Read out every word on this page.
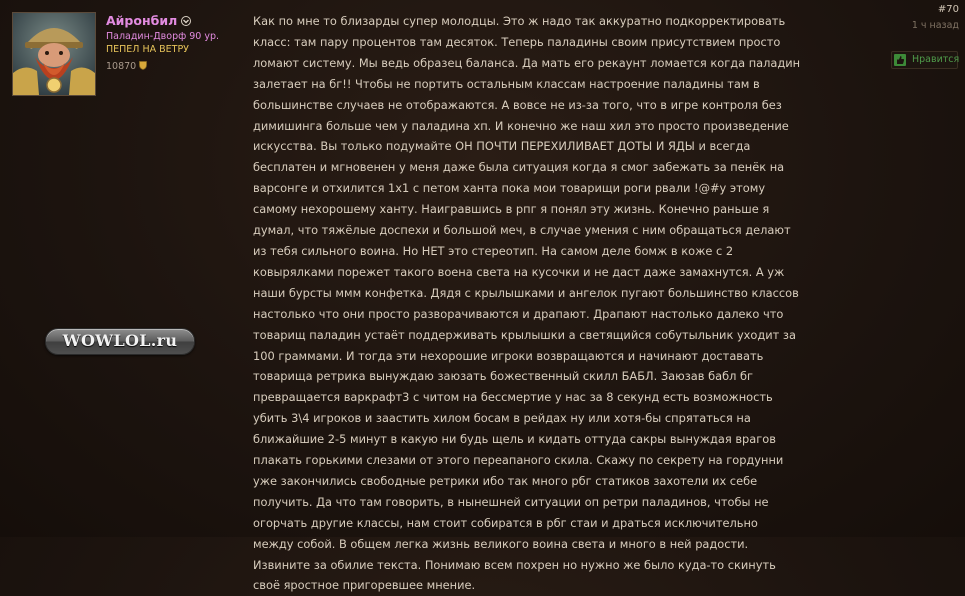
Айронбил
Паладин-Дворф 90 ур.
ПЕПЕЛ НА ВЕТРУ
10870
WOWLOL.ru

Как по мне то близарды супер молодцы. Это ж надо так аккуратно подкорректировать класс: там пару процентов там десяток. Теперь паладины своим присутствием просто ломают систему. Мы ведь образец баланса. Да мать его рекаунт ломается когда паладин залетает на бг!! Чтобы не портить остальным классам настроение паладины там в большинстве случаев не отображаются. А вовсе не из-за того, что в игре контроля без димишинга больше чем у паладина хп. И конечно же наш хил это просто произведение искусства. Вы только подумайте ОН ПОЧТИ ПЕРЕХИЛИВАЕТ ДОТЫ И ЯДЫ и всегда бесплатен и мгновенен у меня даже была ситуация когда я смог забежать за пенёк на варсонге и отхилится 1x1 с петом ханта пока мои товарищи роги рвали !@#у этому самому нехорошему ханту. Наигравшись в рпг я понял эту жизнь. Конечно раньше я думал, что тяжёлые доспехи и большой меч, в случае умения с ним обращаться делают из тебя сильного воина. Но НЕТ это стереотип. На самом деле бомж в коже с 2 ковырялками порежет такого воена света на кусочки и не даст даже замахнутся. А уж наши бурсты ммм конфетка. Дядя с крылышками и ангелок пугают большинство классов настолько что они просто разворачиваются и драпают. Драпают настолько далеко что товарищ паладин устаёт поддерживать крылышки а светящийся собутыльник уходит за 100 граммами. И тогда эти нехорошие игроки возвращаются и начинают доставать товарища ретрика вынуждаю заюзать божественный скилл БАБЛ. Заюзав бабл бг превращается варкрафт3 с читом на бессмертие у нас за 8 секунд есть возможность убить 3\4 игроков и заастить хилом босам в рейдах ну или хотя-бы спрятаться на ближайшие 2-5 минут в какую ни будь щель и кидать оттуда сакры вынуждая врагов плакать горькими слезами от этого переапаного скила. Скажу по секрету на гордунни уже закончились свободные ретрики ибо так много рбг статиков захотели их себе получить. Да что там говорить, в нынешней ситуации оп ретри паладинов, чтобы не огорчать другие классы, нам стоит собиратся в рбг стаи и драться исключительно между собой. В общем легка жизнь великого воина света и много в ней радости.

Извините за обилие текста. Понимаю всем похрен но нужно же было куда-то скинуть своё яростное пригоревшее мнение.

#70
1 ч назад
Нравится
